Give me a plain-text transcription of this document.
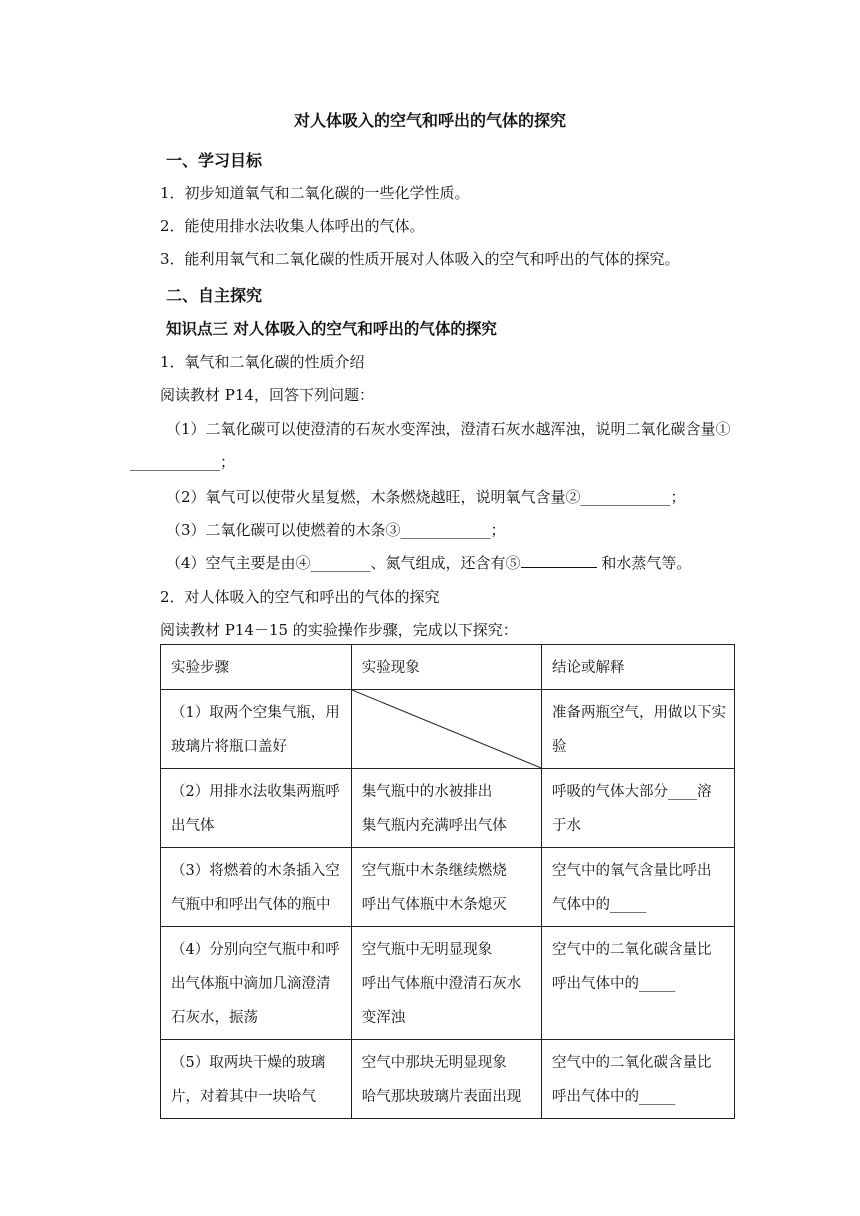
对人体吸入的空气和呼出的气体的探究
一、学习目标
1．初步知道氧气和二氧化碳的一些化学性质。
2．能使用排水法收集人体呼出的气体。
3．能利用氧气和二氧化碳的性质开展对人体吸入的空气和呼出的气体的探究。
二、自主探究
知识点三 对人体吸入的空气和呼出的气体的探究
1．氧气和二氧化碳的性质介绍
阅读教材 P14，回答下列问题：
（1）二氧化碳可以使澄清的石灰水变浑浊，澄清石灰水越浑浊，说明二氧化碳含量①
____________；
（2）氧气可以使带火星复燃，木条燃烧越旺，说明氧气含量②____________；
（3）二氧化碳可以使燃着的木条③____________；
（4）空气主要是由④________、氮气组成，还含有⑤	和水蒸气等。
2．对人体吸入的空气和呼出的气体的探究
阅读教材 P14－15 的实验操作步骤，完成以下探究：
实验步骤	实验现象	结论或解释

（1）取两个空集气瓶，用
玻璃片将瓶口盖好		准备两瓶空气，用做以下实
验

（2）用排水法收集两瓶呼
出气体	集气瓶中的水被排出
集气瓶内充满呼出气体	呼吸的气体大部分____溶
于水

（3）将燃着的木条插入空
气瓶中和呼出气体的瓶中	空气瓶中木条继续燃烧
呼出气体瓶中木条熄灭	空气中的氧气含量比呼出
气体中的_____

（4）分别向空气瓶中和呼
出气体瓶中滴加几滴澄清
石灰水，振荡	空气瓶中无明显现象
呼出气体瓶中澄清石灰水
变浑浊	空气中的二氧化碳含量比
呼出气体中的_____

（5）取两块干燥的玻璃
片，对着其中一块哈气	空气中那块无明显现象
哈气那块玻璃片表面出现	空气中的二氧化碳含量比
呼出气体中的_____
